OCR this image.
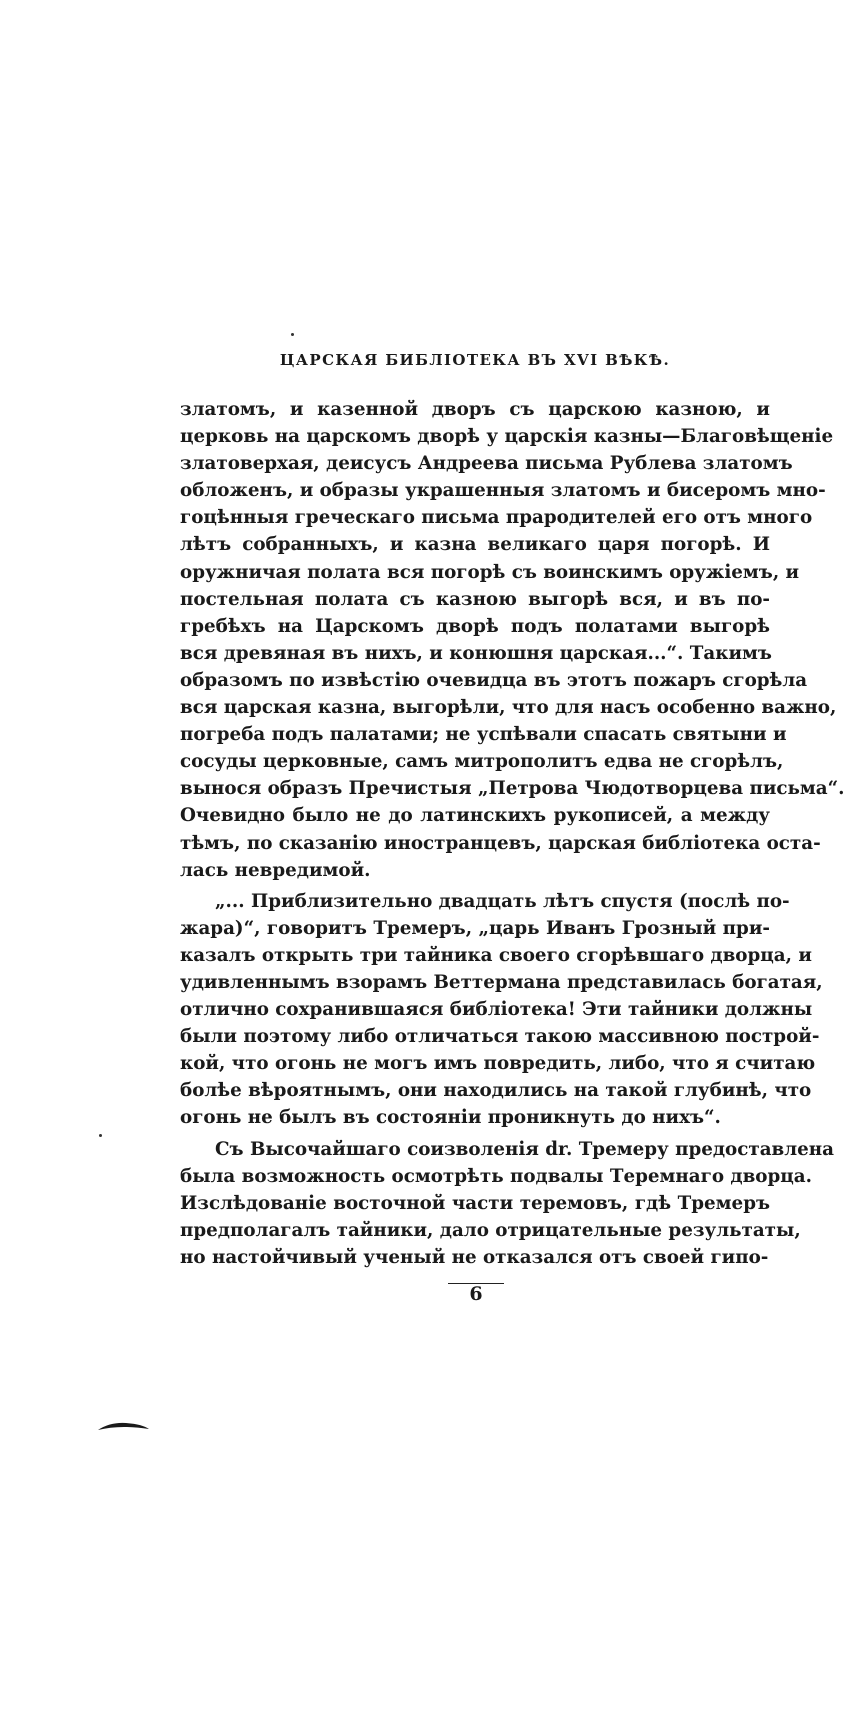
ЦАРСКАЯ БИБЛIОТЕКА ВЪ XVI ВѢКѢ.
златомъ, и казенной дворъ съ царскою казною, и
церковь на царскомъ дворѣ у царскiя казны—Благовѣщенiе
златоверхая, деисусъ Андреева письма Рублева златомъ
обложенъ, и образы украшенныя златомъ и бисеромъ мно-
гоцѣнныя греческаго письма прародителей его отъ много
лѣтъ собранныхъ, и казна великаго царя погорѣ. И
оружничая полата вся погорѣ съ воинскимъ оружiемъ, и
постельная полата съ казною выгорѣ вся, и въ по-
гребѣхъ на Царскомъ дворѣ подъ полатами выгорѣ
вся древяная въ нихъ, и конюшня царская...“. Такимъ
образомъ по извѣстiю очевидца въ этотъ пожаръ сгорѣла
вся царская казна, выгорѣли, что для насъ особенно важно,
погреба подъ палатами; не успѣвали спасать святыни и
сосуды церковные, самъ митрополитъ едва не сгорѣлъ,
вынося образъ Пречистыя „Петрова Чюдотворцева письма“.
Очевидно было не до латинскихъ рукописей, а между
тѣмъ, по сказанiю иностранцевъ, царская библiотека оста-
лась невредимой.
„... Приблизительно двадцать лѣтъ спустя (послѣ по-
жара)“, говоритъ Тремеръ, „царь Иванъ Грозный при-
казалъ открыть три тайника своего сгорѣвшаго дворца, и
удивленнымъ взорамъ Веттермана представилась богатая,
отлично сохранившаяся библiотека! Эти тайники должны
были поэтому либо отличаться такою массивною построй-
кой, что огонь не могъ имъ повредить, либо, что я считаю
болѣе вѣроятнымъ, они находились на такой глубинѣ, что
огонь не былъ въ состоянiи проникнуть до нихъ“.
Съ Высочайшаго соизволенiя dr. Тремеру предоставлена
была возможность осмотрѣть подвалы Теремнаго дворца.
Изслѣдованiе восточной части теремовъ, гдѣ Тремеръ
предполагалъ тайники, дало отрицательные результаты,
но настойчивый ученый не отказался отъ своей гипо-
6
